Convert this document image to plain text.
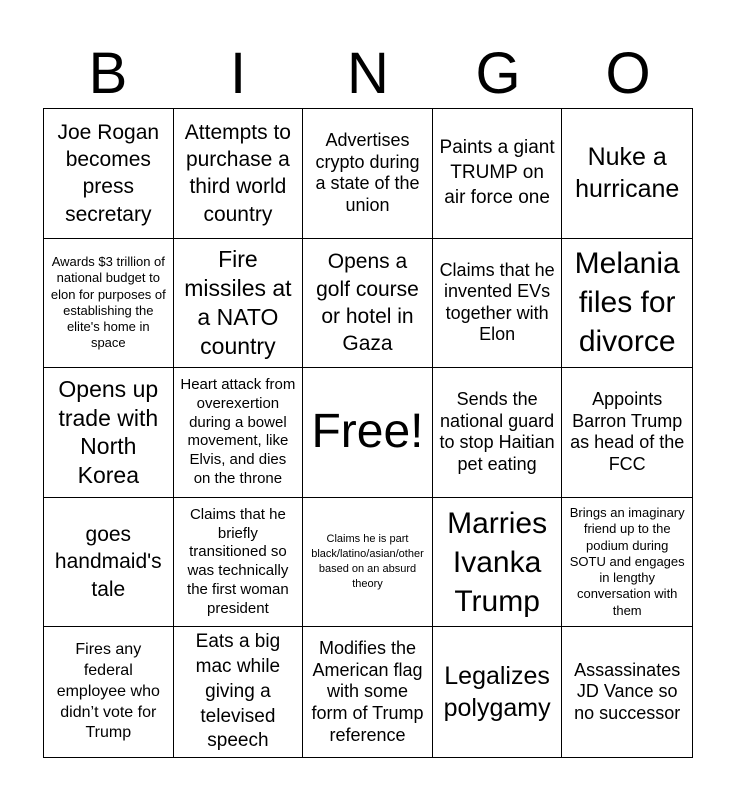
B	I	N	G	O
Joe Rogan becomes press secretary
Attempts to purchase a third world country
Advertises crypto during a state of the union
Paints a giant TRUMP on air force one
Nuke a hurricane
Awards $3 trillion of national budget to elon for purposes of establishing the elite's home in space
Fire missiles at a NATO country
Opens a golf course or hotel in Gaza
Claims that he invented EVs together with Elon
Melania files for divorce
Opens up trade with North Korea
Heart attack from overexertion during a bowel movement, like Elvis, and dies on the throne
Free!
Sends the national guard to stop Haitian pet eating
Appoints Barron Trump as head of the FCC
goes handmaid's tale
Claims that he briefly transitioned so was technically the first woman president
Claims he is part black/latino/asian/other based on an absurd theory
Marries Ivanka Trump
Brings an imaginary friend up to the podium during SOTU and engages in lengthy conversation with them
Fires any federal employee who didn’t vote for Trump
Eats a big mac while giving a televised speech
Modifies the American flag with some form of Trump reference
Legalizes polygamy
Assassinates JD Vance so no successor
